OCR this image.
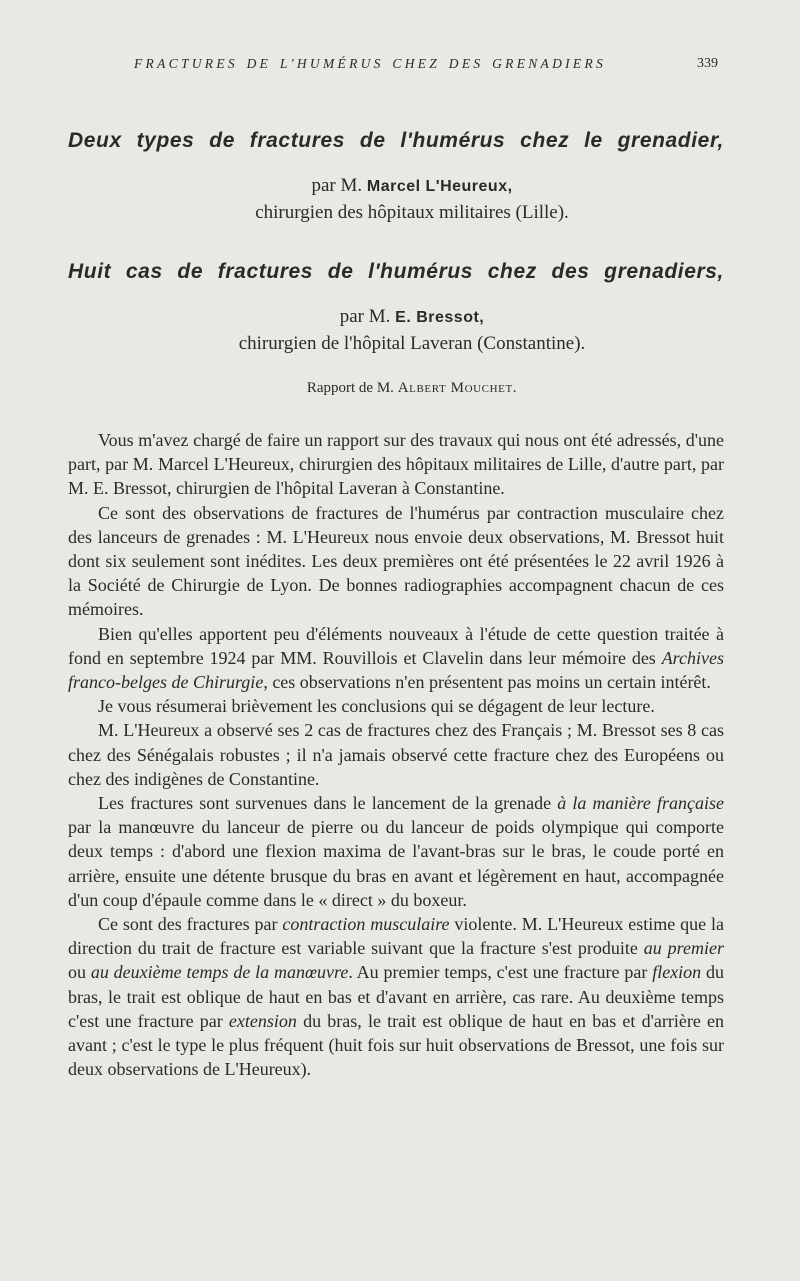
FRACTURES DE L'HUMÉRUS CHEZ DES GRENADIERS	339
Deux types de fractures de l'humérus chez le grenadier,
par M. Marcel L'Heureux,
chirurgien des hôpitaux militaires (Lille).
Huit cas de fractures de l'humérus chez des grenadiers,
par M. E. Bressot,
chirurgien de l'hôpital Laveran (Constantine).
Rapport de M. Albert Mouchet.

Vous m'avez chargé de faire un rapport sur des travaux qui nous ont été adressés, d'une part, par M. Marcel L'Heureux, chirurgien des hôpitaux militaires de Lille, d'autre part, par M. E. Bressot, chirurgien de l'hôpital Laveran à Constantine.

Ce sont des observations de fractures de l'humérus par contraction musculaire chez des lanceurs de grenades : M. L'Heureux nous envoie deux observations, M. Bressot huit dont six seulement sont inédites. Les deux premières ont été présentées le 22 avril 1926 à la Société de Chirurgie de Lyon. De bonnes radiographies accompagnent chacun de ces mémoires.

Bien qu'elles apportent peu d'éléments nouveaux à l'étude de cette question traitée à fond en septembre 1924 par MM. Rouvillois et Clavelin dans leur mémoire des Archives franco-belges de Chirurgie, ces observations n'en présentent pas moins un certain intérêt.

Je vous résumerai brièvement les conclusions qui se dégagent de leur lecture.

M. L'Heureux a observé ses 2 cas de fractures chez des Français ; M. Bressot ses 8 cas chez des Sénégalais robustes ; il n'a jamais observé cette fracture chez des Européens ou chez des indigènes de Constantine.

Les fractures sont survenues dans le lancement de la grenade à la manière française par la manœuvre du lanceur de pierre ou du lanceur de poids olympique qui comporte deux temps : d'abord une flexion maxima de l'avant-bras sur le bras, le coude porté en arrière, ensuite une détente brusque du bras en avant et légèrement en haut, accompagnée d'un coup d'épaule comme dans le « direct » du boxeur.

Ce sont des fractures par contraction musculaire violente. M. L'Heureux estime que la direction du trait de fracture est variable suivant que la fracture s'est produite au premier ou au deuxième temps de la manœuvre. Au premier temps, c'est une fracture par flexion du bras, le trait est oblique de haut en bas et d'avant en arrière, cas rare. Au deuxième temps c'est une fracture par extension du bras, le trait est oblique de haut en bas et d'arrière en avant ; c'est le type le plus fréquent (huit fois sur huit observations de Bressot, une fois sur deux observations de L'Heureux).
